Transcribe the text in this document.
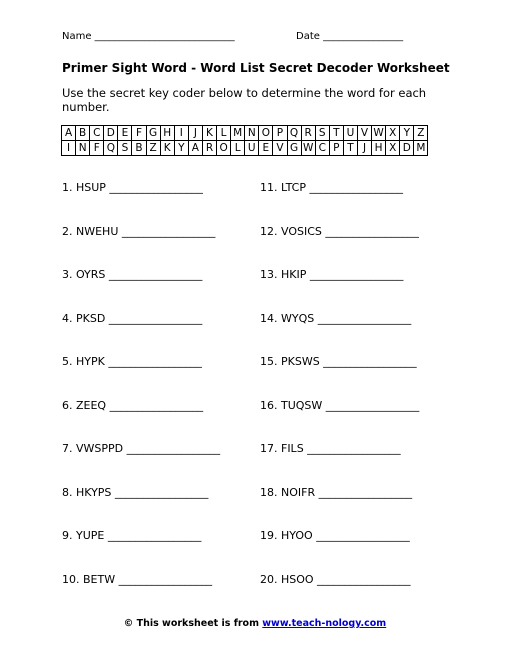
Name ____________________________	Date ________________
Primer Sight Word - Word List Secret Decoder Worksheet
Use the secret key coder below to determine the word for each number.
A	B	C	D	E	F	G	H	I	J	K	L	M	N	O	P	Q	R	S	T	U	V	W	X	Y	Z
I	N	F	Q	S	B	Z	K	Y	A	R	O	L	U	E	V	G	W	C	P	T	J	H	X	D	M
1. HSUP _________________
2. NWEHU _________________
3. OYRS _________________
4. PKSD _________________
5. HYPK _________________
6. ZEEQ _________________
7. VWSPPD _________________
8. HKYPS _________________
9. YUPE _________________
10. BETW _________________
11. LTCP _________________
12. VOSICS _________________
13. HKIP _________________
14. WYQS _________________
15. PKSWS _________________
16. TUQSW _________________
17. FILS _________________
18. NOIFR _________________
19. HYOO _________________
20. HSOO _________________
© This worksheet is from www.teach-nology.com
